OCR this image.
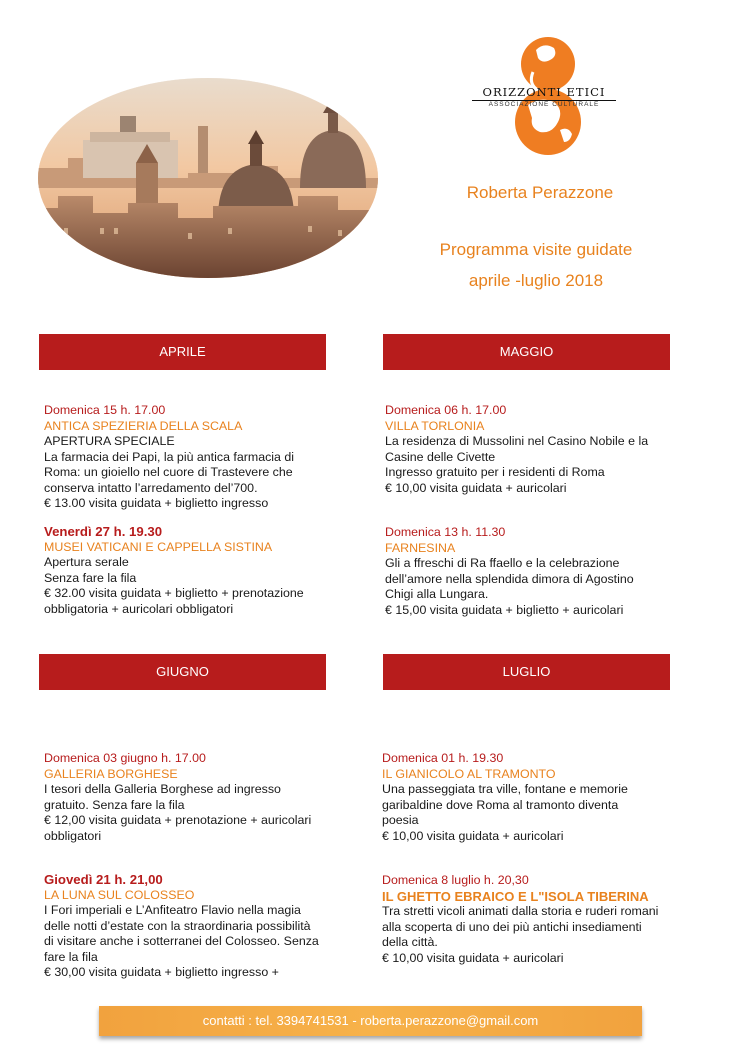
ORIZZONTI ETICI
ASSOCIAZIONE CULTURALE
Roberta Perazzone
Programma visite guidate
aprile -luglio 2018
APRILE	MAGGIO
GIUGNO	LUGLIO
Domenica 15 h. 17.00
ANTICA SPEZIERIA DELLA SCALA
APERTURA SPECIALE
La farmacia dei Papi, la più antica farmacia di
Roma: un gioiello nel cuore di Trastevere che
conserva intatto l’arredamento del’700.
€ 13.00 visita guidata + biglietto ingresso
Venerdì 27 h. 19.30
MUSEI VATICANI E CAPPELLA SISTINA
Apertura serale
Senza fare la fila
€ 32.00 visita guidata + biglietto + prenotazione
obbligatoria + auricolari obbligatori
Domenica 06 h. 17.00
VILLA TORLONIA
La residenza di Mussolini nel Casino Nobile e la
Casine delle Civette
Ingresso gratuito per i residenti di Roma
€ 10,00 visita guidata + auricolari
Domenica 13 h. 11.30
FARNESINA
Gli a ffreschi di Ra ffaello e la celebrazione
dell’amore nella splendida dimora di Agostino
Chigi alla Lungara.
€ 15,00 visita guidata + biglietto + auricolari
Domenica 03 giugno h. 17.00
GALLERIA BORGHESE
I tesori della Galleria Borghese ad ingresso
gratuito. Senza fare la fila
€ 12,00 visita guidata + prenotazione + auricolari
obbligatori
Giovedì 21 h. 21,00
LA LUNA SUL COLOSSEO
I Fori imperiali e L’Anfiteatro Flavio nella magia
delle notti d’estate con la straordinaria possibilità
di visitare anche i sotterranei del Colosseo. Senza
fare la fila
€ 30,00 visita guidata + biglietto ingresso +
Domenica 01 h. 19.30
IL GIANICOLO AL TRAMONTO
Una passeggiata tra ville, fontane e memorie
garibaldine dove Roma al tramonto diventa
poesia
€ 10,00 visita guidata + auricolari
Domenica 8 luglio h. 20,30
IL GHETTO EBRAICO E L"ISOLA TIBERINA
Tra stretti vicoli animati dalla storia e ruderi romani
alla scoperta di uno dei più antichi insediamenti
della città.
€ 10,00 visita guidata + auricolari
contatti : tel. 3394741531 - roberta.perazzone@gmail.com
